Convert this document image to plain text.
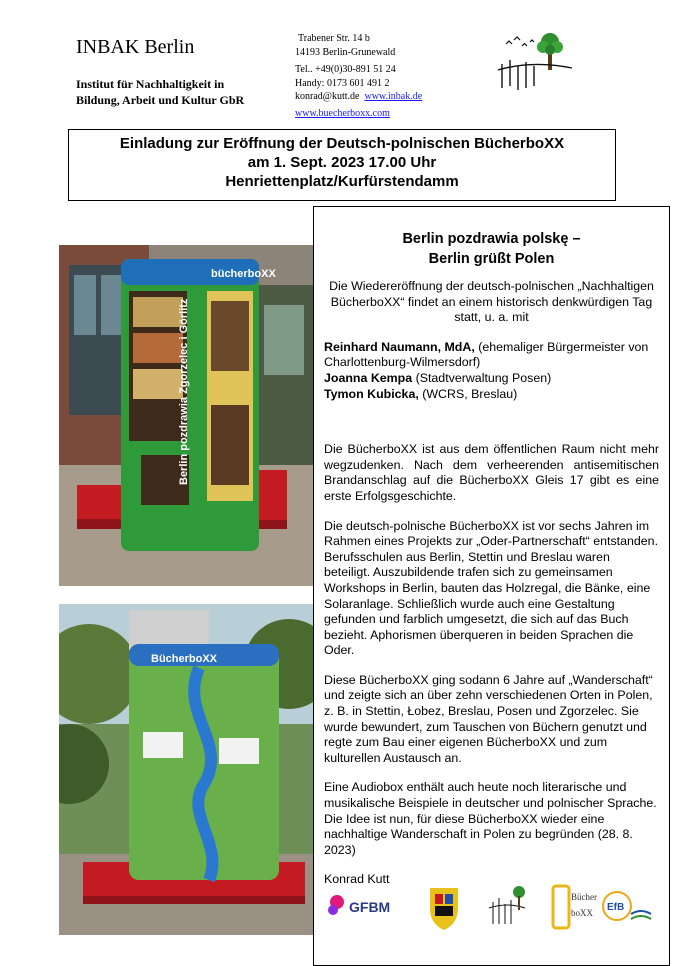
INBAK Berlin
Institut für Nachhaltigkeit in
Bildung, Arbeit und Kultur GbR
Trabener Str. 14 b
14193 Berlin-Grunewald
Tel.. +49(0)30-891 51 24
Handy: 0173 601 491 2
konrad@kutt.de www.inbak.de
www.buecherboxx.com
Einladung zur Eröffnung der Deutsch-polnischen BücherboXX
am 1. Sept. 2023 17.00 Uhr
Henriettenplatz/Kurfürstendamm
Berlin pozdrawia Zgorzelec i Görlitz
bücherboXX
BücherboXX
Berlin pozdrawia polskę –
Berlin grüßt Polen
Die Wiedereröffnung der deutsch-polnischen „Nachhaltigen BücherboXX“ findet an einem historisch denkwürdigen Tag statt, u. a. mit
Reinhard Naumann, MdA, (ehemaliger Bürgermeister von Charlottenburg-Wilmersdorf)
Joanna Kempa (Stadtverwaltung Posen)
Tymon Kubicka, (WCRS, Breslau)
Die BücherboXX ist aus dem öffentlichen Raum nicht mehr wegzudenken. Nach dem verheerenden antisemitischen Brandanschlag auf die BücherboXX Gleis 17 gibt es eine erste Erfolgsgeschichte.
Die deutsch-polnische BücherboXX ist vor sechs Jahren im Rahmen eines Projekts zur „Oder-Partnerschaft“ entstanden. Berufsschulen aus Berlin, Stettin und Breslau waren beteiligt. Auszubildende trafen sich zu gemeinsamen Workshops in Berlin, bauten das Holzregal, die Bänke, eine Solaranlage. Schließlich wurde auch eine Gestaltung gefunden und farblich umgesetzt, die sich auf das Buch bezieht. Aphorismen überqueren in beiden Sprachen die Oder.
Diese BücherboXX ging sodann 6 Jahre auf „Wanderschaft“ und zeigte sich an über zehn verschiedenen Orten in Polen, z. B. in Stettin, Łobez, Breslau, Posen und Zgorzelec. Sie wurde bewundert, zum Tauschen von Büchern genutzt und regte zum Bau einer eigenen BücherboXX und zum kulturellen Austausch an.
Eine Audiobox enthält auch heute noch literarische und musikalische Beispiele in deutscher und polnischer Sprache. Die Idee ist nun, für diese BücherboXX wieder eine nachhaltige Wanderschaft in Polen zu begründen (28. 8. 2023)
Konrad Kutt
GFBM
Bücher
boXX EfB
